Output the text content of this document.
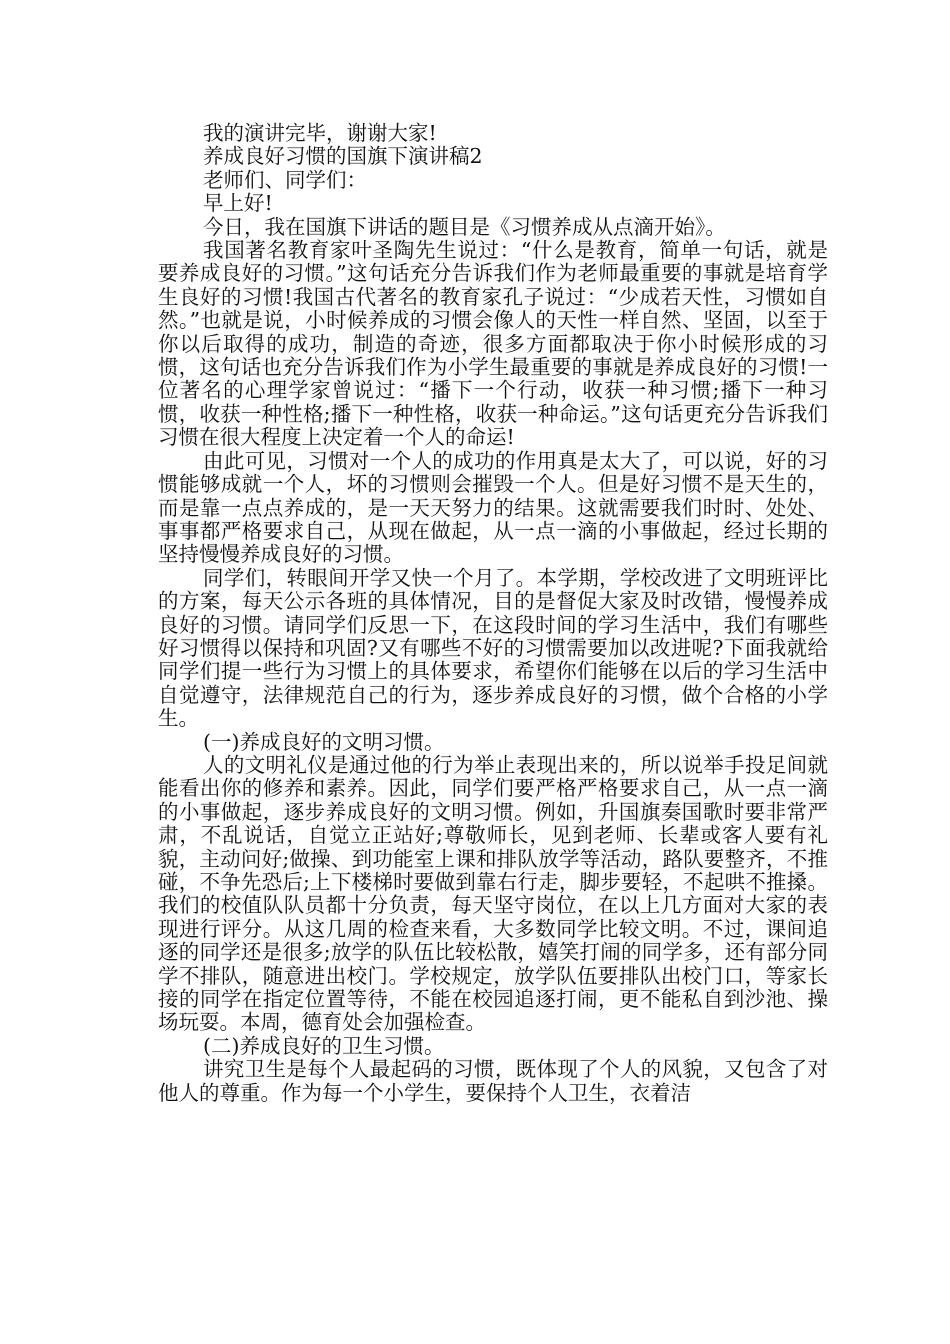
我的演讲完毕，谢谢大家!

养成良好习惯的国旗下演讲稿2

老师们、同学们：

早上好!

今日，我在国旗下讲话的题目是《习惯养成从点滴开始》。

我国著名教育家叶圣陶先生说过：“什么是教育，简单一句话，就是要养成良好的习惯。”这句话充分告诉我们作为老师最重要的事就是培育学生良好的习惯!我国古代著名的教育家孔子说过：“少成若天性，习惯如自然。”也就是说，小时候养成的习惯会像人的天性一样自然、坚固，以至于你以后取得的成功，制造的奇迹，很多方面都取决于你小时候形成的习惯，这句话也充分告诉我们作为小学生最重要的事就是养成良好的习惯!一位著名的心理学家曾说过：“播下一个行动，收获一种习惯;播下一种习惯，收获一种性格;播下一种性格，收获一种命运。”这句话更充分告诉我们习惯在很大程度上决定着一个人的命运!

由此可见，习惯对一个人的成功的作用真是太大了，可以说，好的习惯能够成就一个人，坏的习惯则会摧毁一个人。但是好习惯不是天生的，而是靠一点点养成的，是一天天努力的结果。这就需要我们时时、处处、事事都严格要求自己，从现在做起，从一点一滴的小事做起，经过长期的坚持慢慢养成良好的习惯。

同学们，转眼间开学又快一个月了。本学期，学校改进了文明班评比的方案，每天公示各班的具体情况，目的是督促大家及时改错，慢慢养成良好的习惯。请同学们反思一下，在这段时间的学习生活中，我们有哪些好习惯得以保持和巩固?又有哪些不好的习惯需要加以改进呢?下面我就给同学们提一些行为习惯上的具体要求，希望你们能够在以后的学习生活中自觉遵守，法律规范自己的行为，逐步养成良好的习惯，做个合格的小学生。

(一)养成良好的文明习惯。

人的文明礼仪是通过他的行为举止表现出来的，所以说举手投足间就能看出你的修养和素养。因此，同学们要严格严格要求自己，从一点一滴的小事做起，逐步养成良好的文明习惯。例如，升国旗奏国歌时要非常严肃，不乱说话，自觉立正站好;尊敬师长，见到老师、长辈或客人要有礼貌，主动问好;做操、到功能室上课和排队放学等活动，路队要整齐，不推碰，不争先恐后;上下楼梯时要做到靠右行走，脚步要轻，不起哄不推搡。我们的校值队队员都十分负责，每天坚守岗位，在以上几方面对大家的表现进行评分。从这几周的检查来看，大多数同学比较文明。不过，课间追逐的同学还是很多;放学的队伍比较松散，嬉笑打闹的同学多，还有部分同学不排队，随意进出校门。学校规定，放学队伍要排队出校门口，等家长接的同学在指定位置等待，不能在校园追逐打闹，更不能私自到沙池、操场玩耍。本周，德育处会加强检查。

(二)养成良好的卫生习惯。

讲究卫生是每个人最起码的习惯，既体现了个人的风貌，又包含了对他人的尊重。作为每一个小学生，要保持个人卫生，衣着洁
